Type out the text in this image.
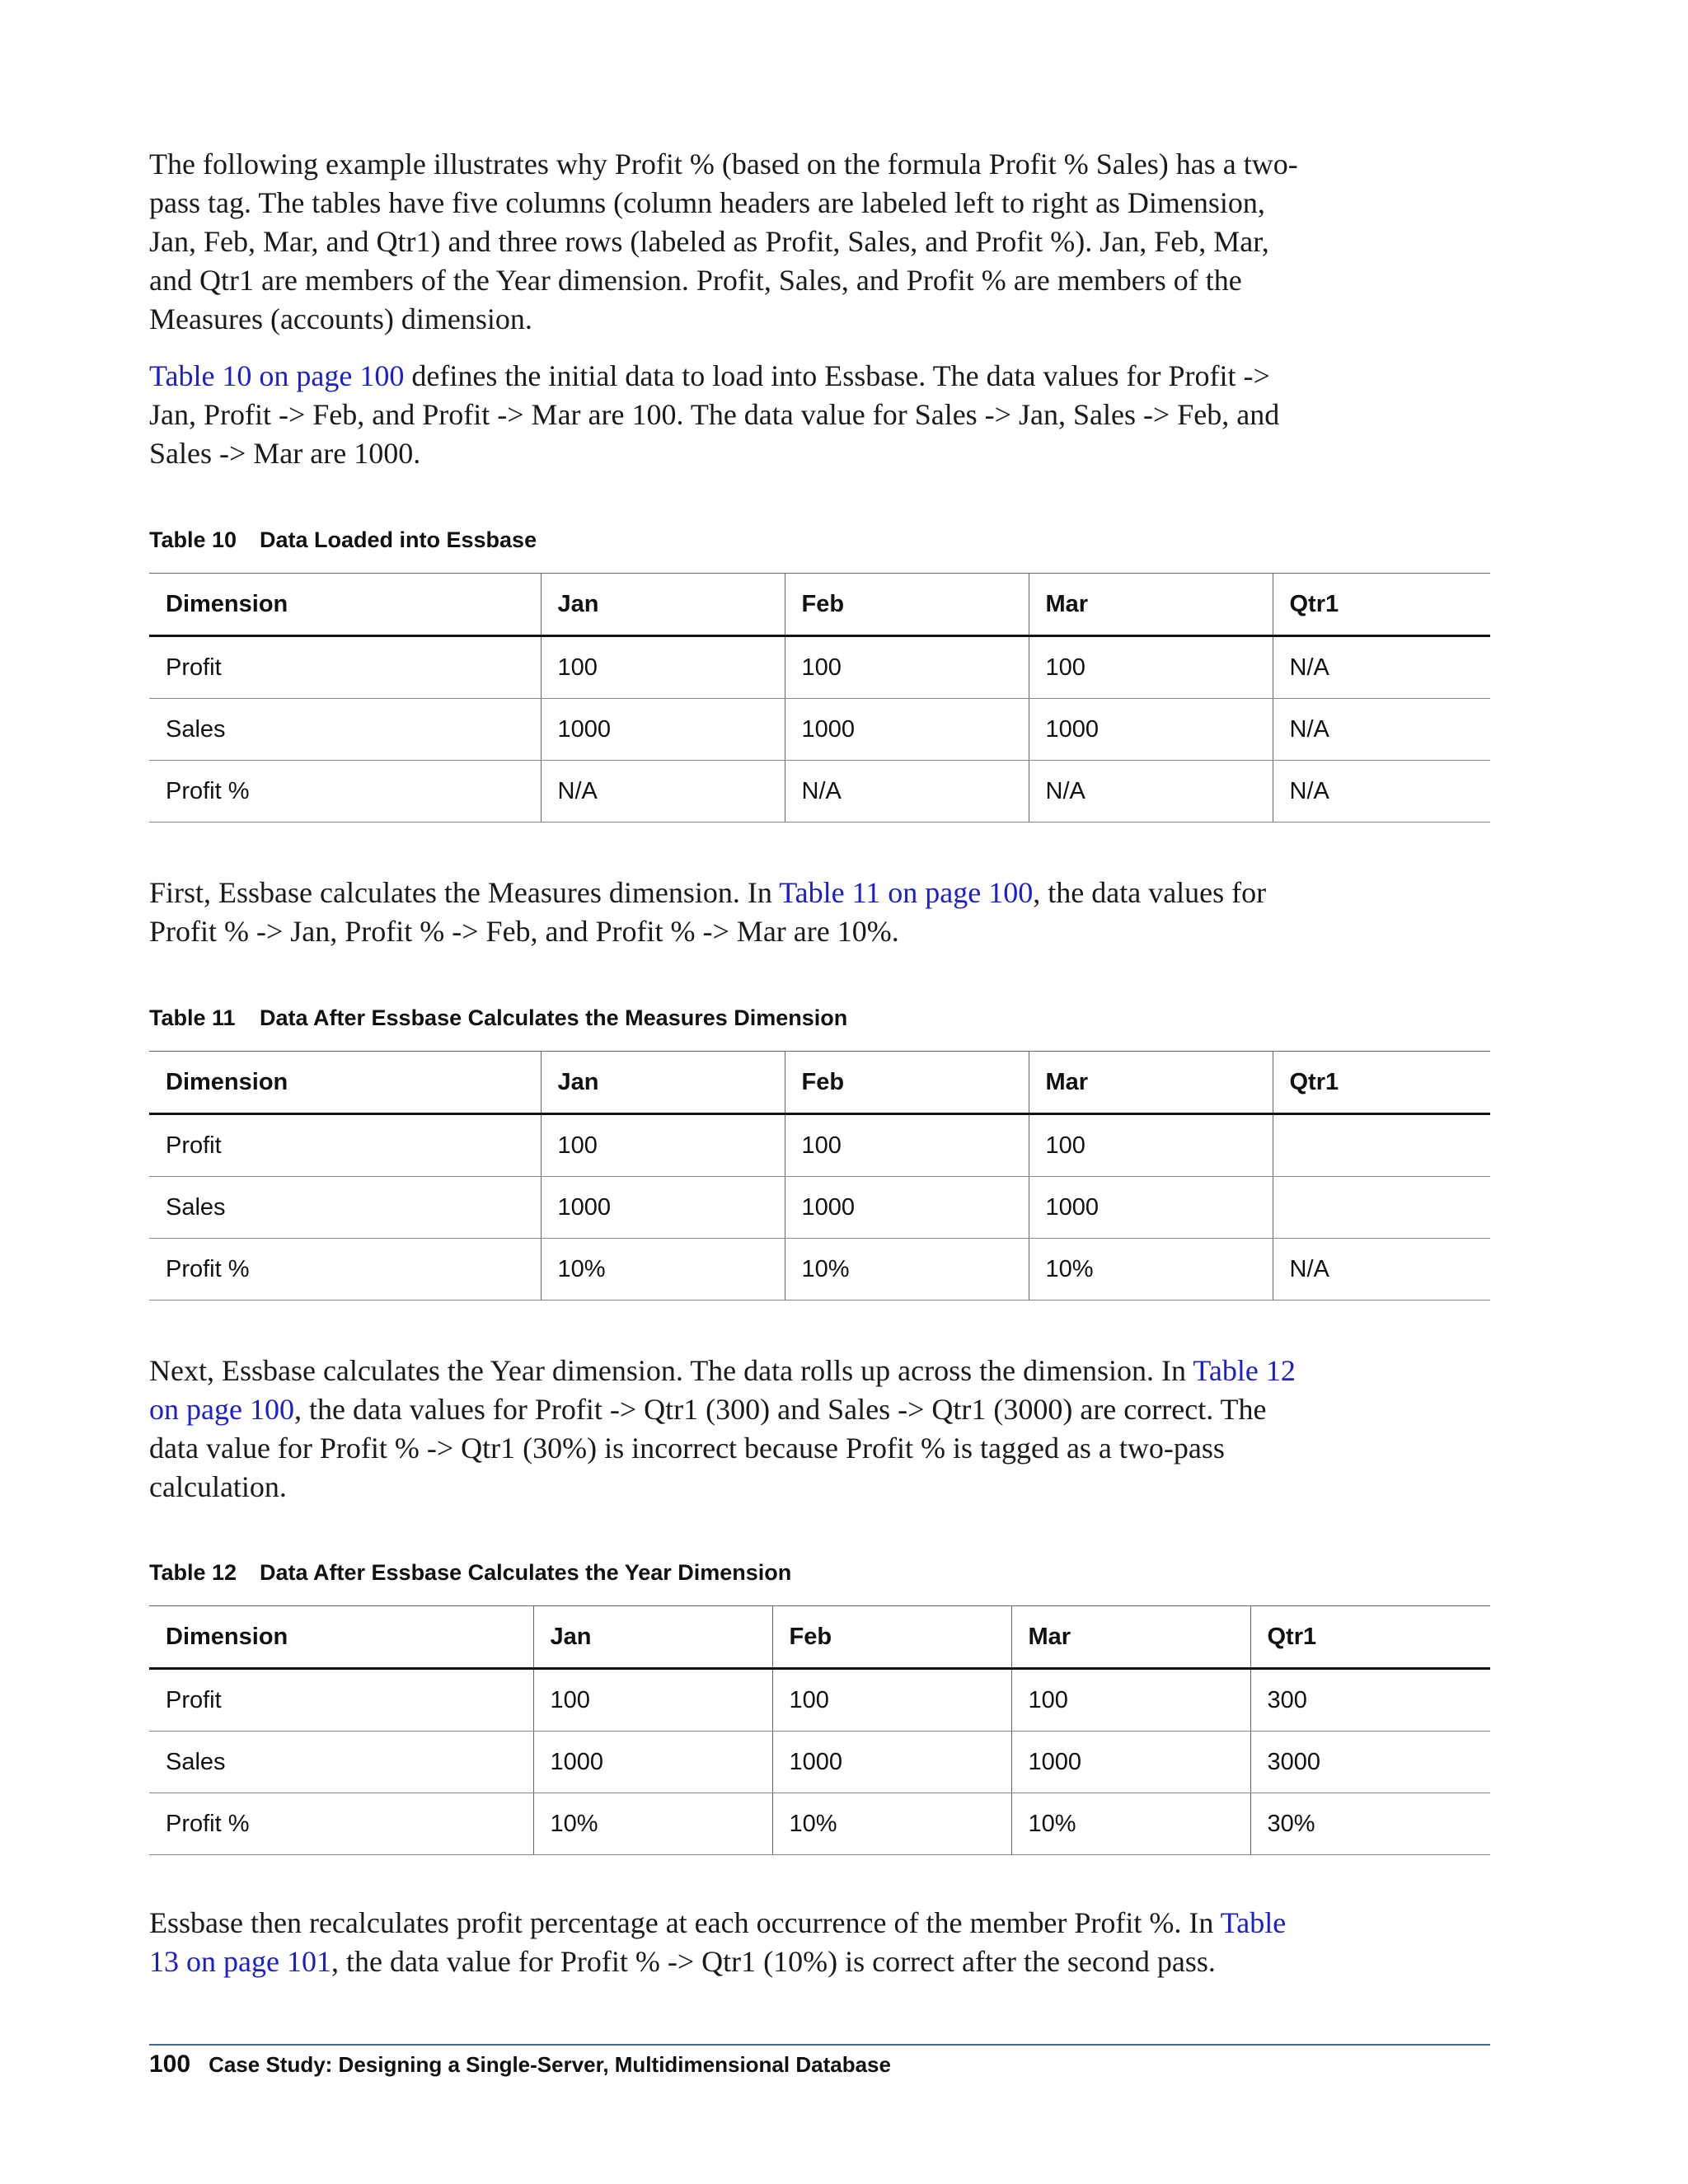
The following example illustrates why Profit % (based on the formula Profit % Sales) has a two-pass tag. The tables have five columns (column headers are labeled left to right as Dimension, Jan, Feb, Mar, and Qtr1) and three rows (labeled as Profit, Sales, and Profit %). Jan, Feb, Mar, and Qtr1 are members of the Year dimension. Profit, Sales, and Profit % are members of the Measures (accounts) dimension.

Table 10 on page 100 defines the initial data to load into Essbase. The data values for Profit -> Jan, Profit -> Feb, and Profit -> Mar are 100. The data value for Sales -> Jan, Sales -> Feb, and Sales -> Mar are 1000.

Table 10 Data Loaded into Essbase

Dimension	Jan	Feb	Mar	Qtr1
Profit	100	100	100	N/A
Sales	1000	1000	1000	N/A
Profit %	N/A	N/A	N/A	N/A

First, Essbase calculates the Measures dimension. In Table 11 on page 100, the data values for Profit % -> Jan, Profit % -> Feb, and Profit % -> Mar are 10%.

Table 11 Data After Essbase Calculates the Measures Dimension

Dimension	Jan	Feb	Mar	Qtr1
Profit	100	100	100	
Sales	1000	1000	1000	
Profit %	10%	10%	10%	N/A

Next, Essbase calculates the Year dimension. The data rolls up across the dimension. In Table 12 on page 100, the data values for Profit -> Qtr1 (300) and Sales -> Qtr1 (3000) are correct. The data value for Profit % -> Qtr1 (30%) is incorrect because Profit % is tagged as a two-pass calculation.

Table 12 Data After Essbase Calculates the Year Dimension

Dimension	Jan	Feb	Mar	Qtr1
Profit	100	100	100	300
Sales	1000	1000	1000	3000
Profit %	10%	10%	10%	30%

Essbase then recalculates profit percentage at each occurrence of the member Profit %. In Table 13 on page 101, the data value for Profit % -> Qtr1 (10%) is correct after the second pass.

100 Case Study: Designing a Single-Server, Multidimensional Database
